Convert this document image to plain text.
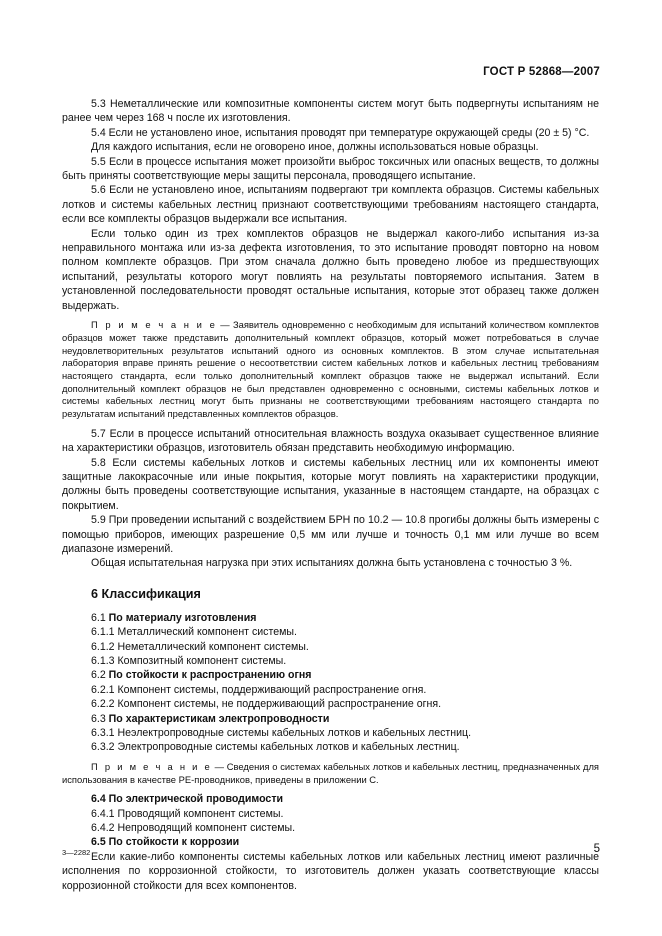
ГОСТ Р 52868—2007

5.3 Неметаллические или композитные компоненты систем могут быть подвергнуты испытаниям не ранее чем через 168 ч после их изготовления.

5.4 Если не установлено иное, испытания проводят при температуре окружающей среды (20 ± 5) °C.

Для каждого испытания, если не оговорено иное, должны использоваться новые образцы.

5.5 Если в процессе испытания может произойти выброс токсичных или опасных веществ, то должны быть приняты соответствующие меры защиты персонала, проводящего испытание.

5.6 Если не установлено иное, испытаниям подвергают три комплекта образцов. Системы кабельных лотков и системы кабельных лестниц признают соответствующими требованиям настоящего стандарта, если все комплекты образцов выдержали все испытания.

Если только один из трех комплектов образцов не выдержал какого-либо испытания из-за неправильного монтажа или из-за дефекта изготовления, то это испытание проводят повторно на новом полном комплекте образцов. При этом сначала должно быть проведено любое из предшествующих испытаний, результаты которого могут повлиять на результаты повторяемого испытания. Затем в установленной последовательности проводят остальные испытания, которые этот образец также должен выдержать.

П р и м е ч а н и е — Заявитель одновременно с необходимым для испытаний количеством комплектов образцов может также представить дополнительный комплект образцов, который может потребоваться в случае неудовлетворительных результатов испытаний одного из основных комплектов. В этом случае испытательная лаборатория вправе принять решение о несоответствии систем кабельных лотков и кабельных лестниц требованиям настоящего стандарта, если только дополнительный комплект образцов также не выдержал испытаний. Если дополнительный комплект образцов не был представлен одновременно с основными, системы кабельных лотков и системы кабельных лестниц могут быть признаны не соответствующими требованиям настоящего стандарта по результатам испытаний представленных комплектов образцов.

5.7 Если в процессе испытаний относительная влажность воздуха оказывает существенное влияние на характеристики образцов, изготовитель обязан представить необходимую информацию.

5.8 Если системы кабельных лотков и системы кабельных лестниц или их компоненты имеют защитные лакокрасочные или иные покрытия, которые могут повлиять на характеристики продукции, должны быть проведены соответствующие испытания, указанные в настоящем стандарте, на образцах с покрытием.

5.9 При проведении испытаний с воздействием БРН по 10.2 — 10.8 прогибы должны быть измерены с помощью приборов, имеющих разрешение 0,5 мм или лучше и точность 0,1 мм или лучше во всем диапазоне измерений.

Общая испытательная нагрузка при этих испытаниях должна быть установлена с точностью 3 %.

6 Классификация

6.1 По материалу изготовления

6.1.1 Металлический компонент системы.

6.1.2 Неметаллический компонент системы.

6.1.3 Композитный компонент системы.

6.2 По стойкости к распространению огня

6.2.1 Компонент системы, поддерживающий распространение огня.

6.2.2 Компонент системы, не поддерживающий распространение огня.

6.3 По характеристикам электропроводности

6.3.1 Неэлектропроводные системы кабельных лотков и кабельных лестниц.

6.3.2 Электропроводные системы кабельных лотков и кабельных лестниц.

П р и м е ч а н и е — Сведения о системах кабельных лотков и кабельных лестниц, предназначенных для использования в качестве PE-проводников, приведены в приложении С.

6.4 По электрической проводимости

6.4.1 Проводящий компонент системы.

6.4.2 Непроводящий компонент системы.

6.5 По стойкости к коррозии

Если какие-либо компоненты системы кабельных лотков или кабельных лестниц имеют различные исполнения по коррозионной стойкости, то изготовитель должен указать соответствующие классы коррозионной стойкости для всех компонентов.

3—2282	5
